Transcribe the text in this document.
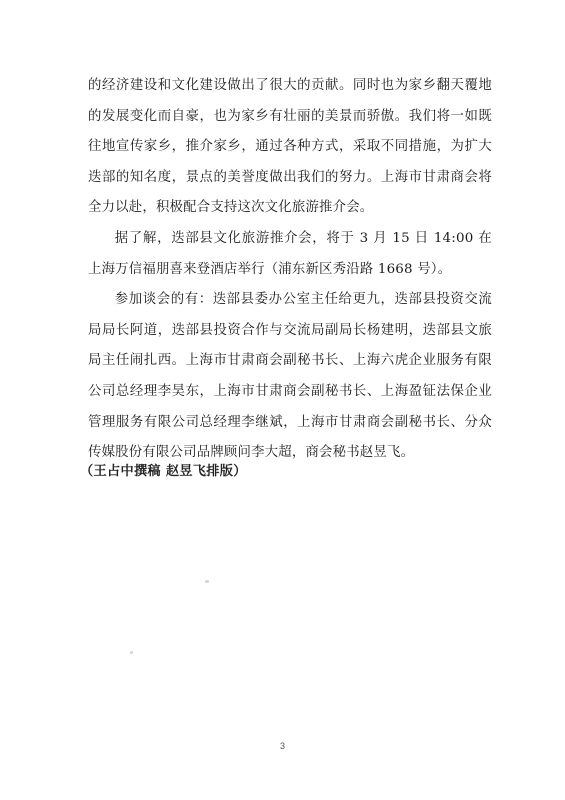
的经济建设和文化建设做出了很大的贡献。同时也为家乡翻天覆地的发展变化而自豪，也为家乡有壮丽的美景而骄傲。我们将一如既往地宣传家乡，推介家乡，通过各种方式，采取不同措施，为扩大迭部的知名度，景点的美誉度做出我们的努力。上海市甘肃商会将全力以赴，积极配合支持这次文化旅游推介会。

据了解，迭部县文化旅游推介会，将于 3 月 15 日 14:00 在上海万信福朋喜来登酒店举行（浦东新区秀沿路 1668 号）。

参加谈会的有：迭部县委办公室主任给更九，迭部县投资交流局局长阿道，迭部县投资合作与交流局副局长杨建明，迭部县文旅局主任闹扎西。上海市甘肃商会副秘书长、上海六虎企业服务有限公司总经理李昊东，上海市甘肃商会副秘书长、上海盈钲法保企业管理服务有限公司总经理李继斌，上海市甘肃商会副秘书长、分众传媒股份有限公司品牌顾问李大超，商会秘书赵昱飞。

（王占中撰稿 赵昱飞排版）
3
